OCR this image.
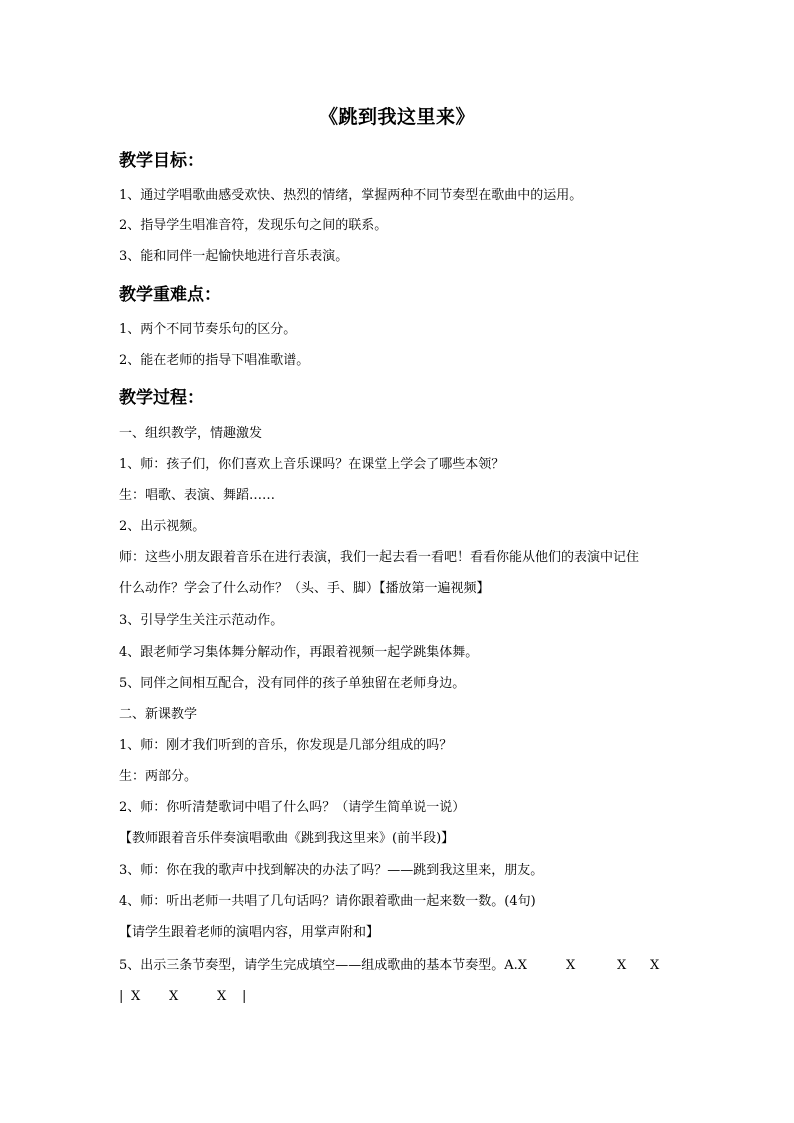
《跳到我这里来》
教学目标：
1、通过学唱歌曲感受欢快、热烈的情绪，掌握两种不同节奏型在歌曲中的运用。
2、指导学生唱准音符，发现乐句之间的联系。
3、能和同伴一起愉快地进行音乐表演。
教学重难点：
1、两个不同节奏乐句的区分。
2、能在老师的指导下唱准歌谱。
教学过程：
一、组织教学，情趣激发
1、师：孩子们，你们喜欢上音乐课吗？在课堂上学会了哪些本领？
生：唱歌、表演、舞蹈……
2、出示视频。
师：这些小朋友跟着音乐在进行表演，我们一起去看一看吧！看看你能从他们的表演中记住
什么动作？学会了什么动作？（头、手、脚）【播放第一遍视频】
3、引导学生关注示范动作。
4、跟老师学习集体舞分解动作，再跟着视频一起学跳集体舞。
5、同伴之间相互配合，没有同伴的孩子单独留在老师身边。
二、新课教学
1、师：刚才我们听到的音乐，你发现是几部分组成的吗？
生：两部分。
2、师：你听清楚歌词中唱了什么吗？（请学生简单说一说）
【教师跟着音乐伴奏演唱歌曲《跳到我这里来》(前半段)】
3、师：你在我的歌声中找到解决的办法了吗？——跳到我这里来，朋友。
4、师：听出老师一共唱了几句话吗？请你跟着歌曲一起来数一数。(4句)
【请学生跟着老师的演唱内容，用掌声附和】
5、出示三条节奏型，请学生完成填空——组成歌曲的基本节奏型。A.X	X	X X
| X X	X |
